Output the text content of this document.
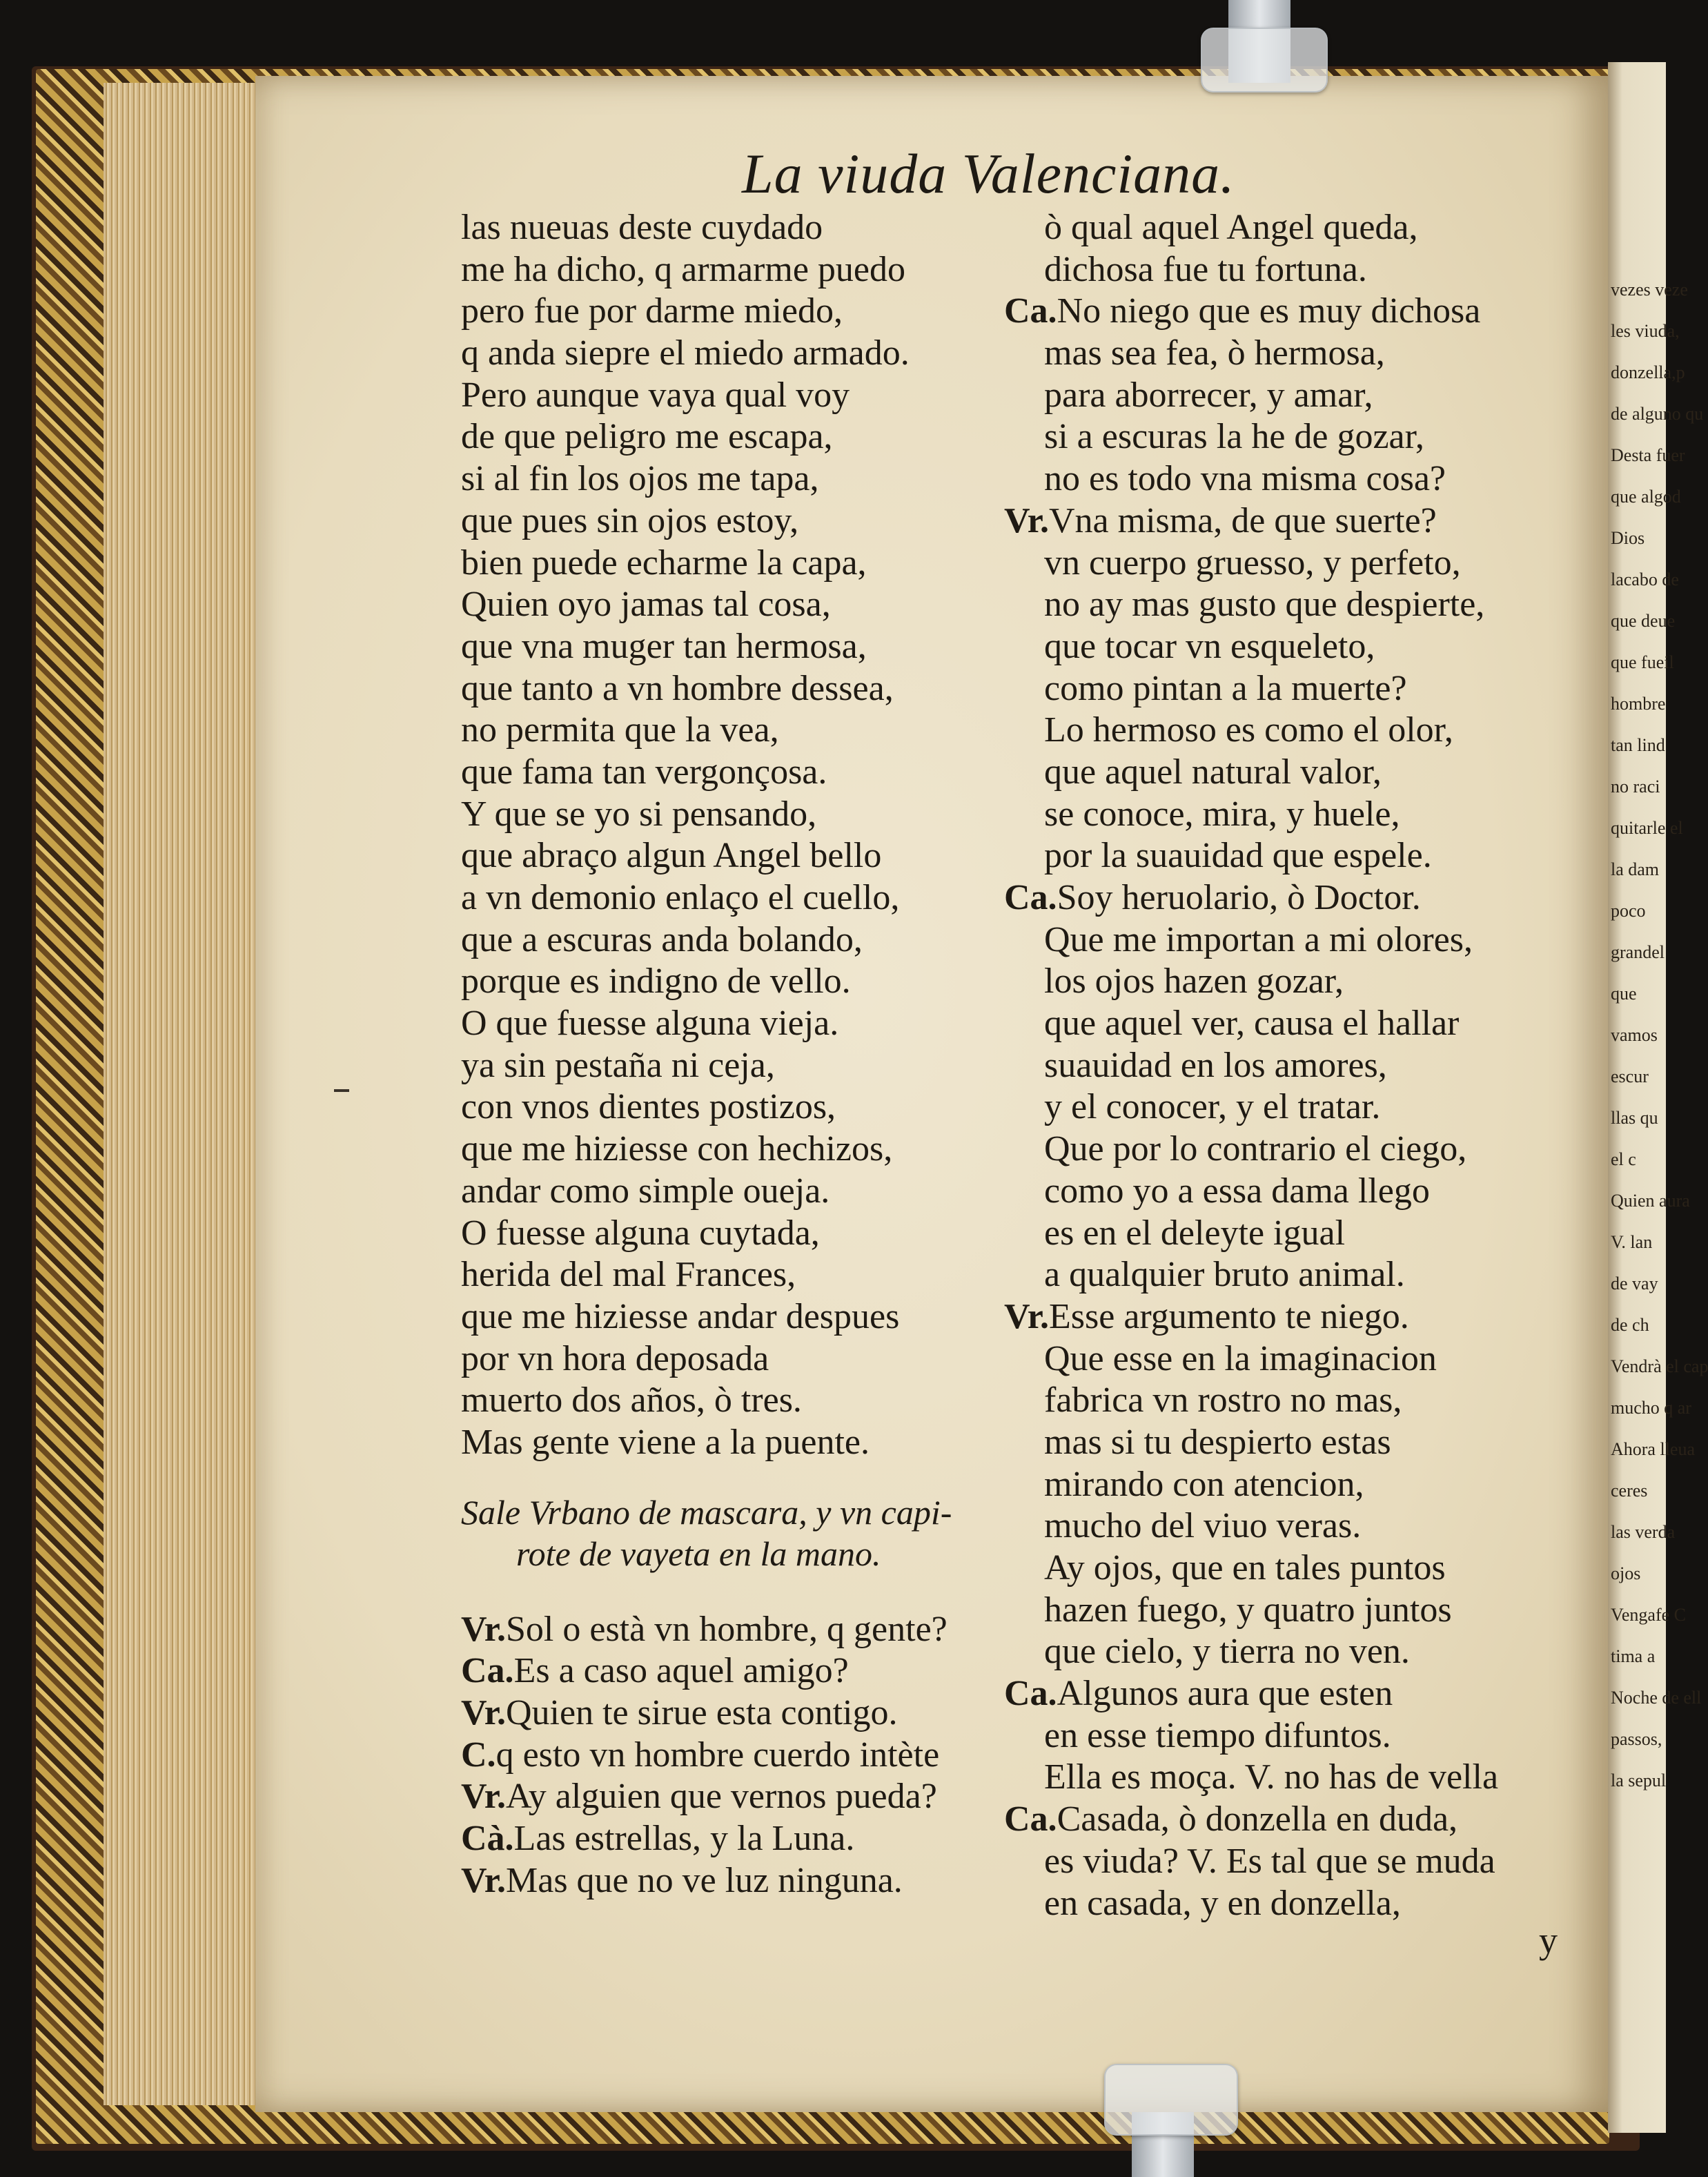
vezes veze
les viuda,
donzella,p
de alguno qu
Desta fuer
que algod
Dios
lacabo de
que deue
que fueil
hombre
tan lind
no raci
quitarle el
la dam
poco
grandel
que
vamos
escur
llas qu
el c
Quien aura
V. lan
de vay
de ch
Vendrà el cap
mucho q ar
Ahora lleua
ceres
las verda
ojos
Vengafe C
tima a
Noche de ell
passos,
la sepul
La viuda Valenciana.
las nueuas deste cuydado
me ha dicho, q armarme puedo
pero fue por darme miedo,
q anda siepre el miedo armado.
Pero aunque vaya qual voy
de que peligro me escapa,
si al fin los ojos me tapa,
que pues sin ojos estoy,
bien puede echarme la capa,
Quien oyo jamas tal cosa,
que vna muger tan hermosa,
que tanto a vn hombre dessea,
no permita que la vea,
que fama tan vergonçosa.
Y que se yo si pensando,
que abraço algun Angel bello
a vn demonio enlaço el cuello,
que a escuras anda bolando,
porque es indigno de vello.
O que fuesse alguna vieja.
ya sin pestaña ni ceja,
con vnos dientes postizos,
que me hiziesse con hechizos,
andar como simple oueja.
O fuesse alguna cuytada,
herida del mal Frances,
que me hiziesse andar despues
por vn hora deposada
muerto dos años, ò tres.
Mas gente viene a la puente.
Sale Vrbano de mascara, y vn capi-
rote de vayeta en la mano.
Vr.Sol o està vn hombre, q gente?
Ca.Es a caso aquel amigo?
Vr.Quien te sirue esta contigo.
C.q esto vn hombre cuerdo intète
Vr.Ay alguien que vernos pueda?
Cà.Las estrellas, y la Luna.
Vr.Mas que no ve luz ninguna.
ò qual aquel Angel queda,
dichosa fue tu fortuna.
Ca.No niego que es muy dichosa
mas sea fea, ò hermosa,
para aborrecer, y amar,
si a escuras la he de gozar,
no es todo vna misma cosa?
Vr.Vna misma, de que suerte?
vn cuerpo gruesso, y perfeto,
no ay mas gusto que despierte,
que tocar vn esqueleto,
como pintan a la muerte?
Lo hermoso es como el olor,
que aquel natural valor,
se conoce, mira, y huele,
por la suauidad que espele.
Ca.Soy heruolario, ò Doctor.
Que me importan a mi olores,
los ojos hazen gozar,
que aquel ver, causa el hallar
suauidad en los amores,
y el conocer, y el tratar.
Que por lo contrario el ciego,
como yo a essa dama llego
es en el deleyte igual
a qualquier bruto animal.
Vr.Esse argumento te niego.
Que esse en la imaginacion
fabrica vn rostro no mas,
mas si tu despierto estas
mirando con atencion,
mucho del viuo veras.
Ay ojos, que en tales puntos
hazen fuego, y quatro juntos
que cielo, y tierra no ven.
Ca.Algunos aura que esten
en esse tiempo difuntos.
Ella es moça. V. no has de vella
Ca.Casada, ò donzella en duda,
es viuda? V. Es tal que se muda
en casada, y en donzella,
y
